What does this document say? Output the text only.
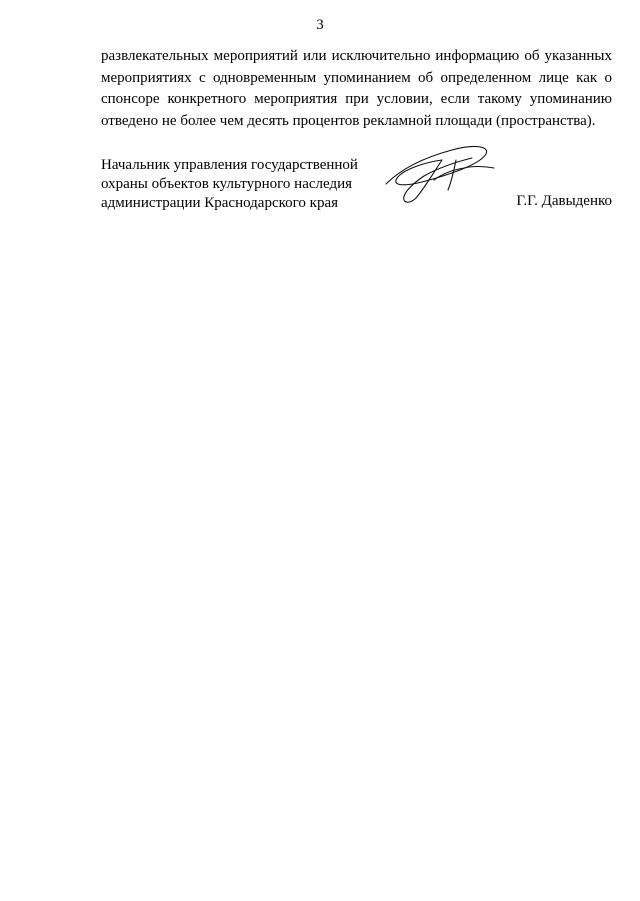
3

развлекательных мероприятий или исключительно информацию об указанных
мероприятиях с одновременным упоминанием об определенном лице как о
спонсоре конкретного мероприятия при условии, если такому упоминанию
отведено не более чем десять процентов рекламной площади (пространства).

Начальник управления государственной
охраны объектов культурного наследия
администрации Краснодарского края	Г.Г. Давыденко
